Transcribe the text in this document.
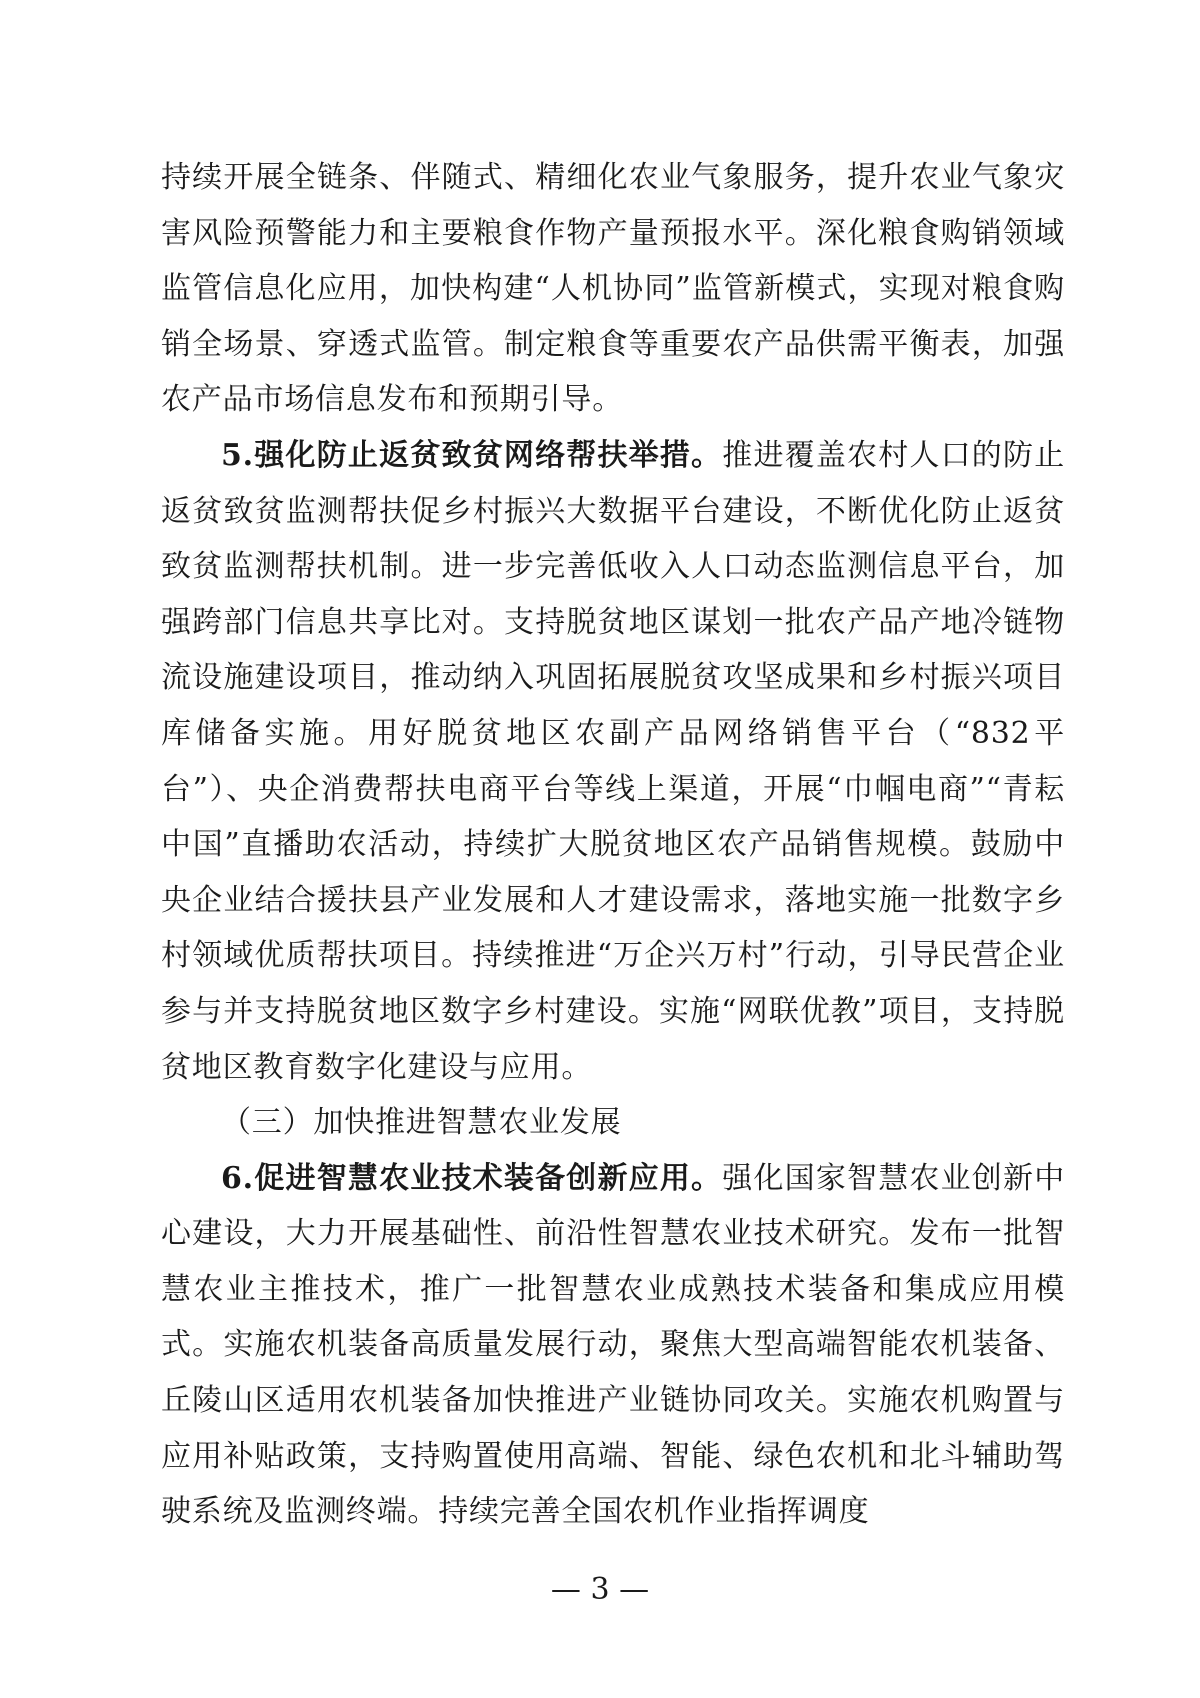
持续开展全链条、伴随式、精细化农业气象服务，提升农业气象灾害风险预警能力和主要粮食作物产量预报水平。深化粮食购销领域监管信息化应用，加快构建“人机协同”监管新模式，实现对粮食购销全场景、穿透式监管。制定粮食等重要农产品供需平衡表，加强农产品市场信息发布和预期引导。

5.强化防止返贫致贫网络帮扶举措。推进覆盖农村人口的防止返贫致贫监测帮扶促乡村振兴大数据平台建设，不断优化防止返贫致贫监测帮扶机制。进一步完善低收入人口动态监测信息平台，加强跨部门信息共享比对。支持脱贫地区谋划一批农产品产地冷链物流设施建设项目，推动纳入巩固拓展脱贫攻坚成果和乡村振兴项目库储备实施。用好脱贫地区农副产品网络销售平台（“832平台”）、央企消费帮扶电商平台等线上渠道，开展“巾帼电商”“青耘中国”直播助农活动，持续扩大脱贫地区农产品销售规模。鼓励中央企业结合援扶县产业发展和人才建设需求，落地实施一批数字乡村领域优质帮扶项目。持续推进“万企兴万村”行动，引导民营企业参与并支持脱贫地区数字乡村建设。实施“网联优教”项目，支持脱贫地区教育数字化建设与应用。

（三）加快推进智慧农业发展

6.促进智慧农业技术装备创新应用。强化国家智慧农业创新中心建设，大力开展基础性、前沿性智慧农业技术研究。发布一批智慧农业主推技术，推广一批智慧农业成熟技术装备和集成应用模式。实施农机装备高质量发展行动，聚焦大型高端智能农机装备、丘陵山区适用农机装备加快推进产业链协同攻关。实施农机购置与应用补贴政策，支持购置使用高端、智能、绿色农机和北斗辅助驾驶系统及监测终端。持续完善全国农机作业指挥调度

— 3 —
